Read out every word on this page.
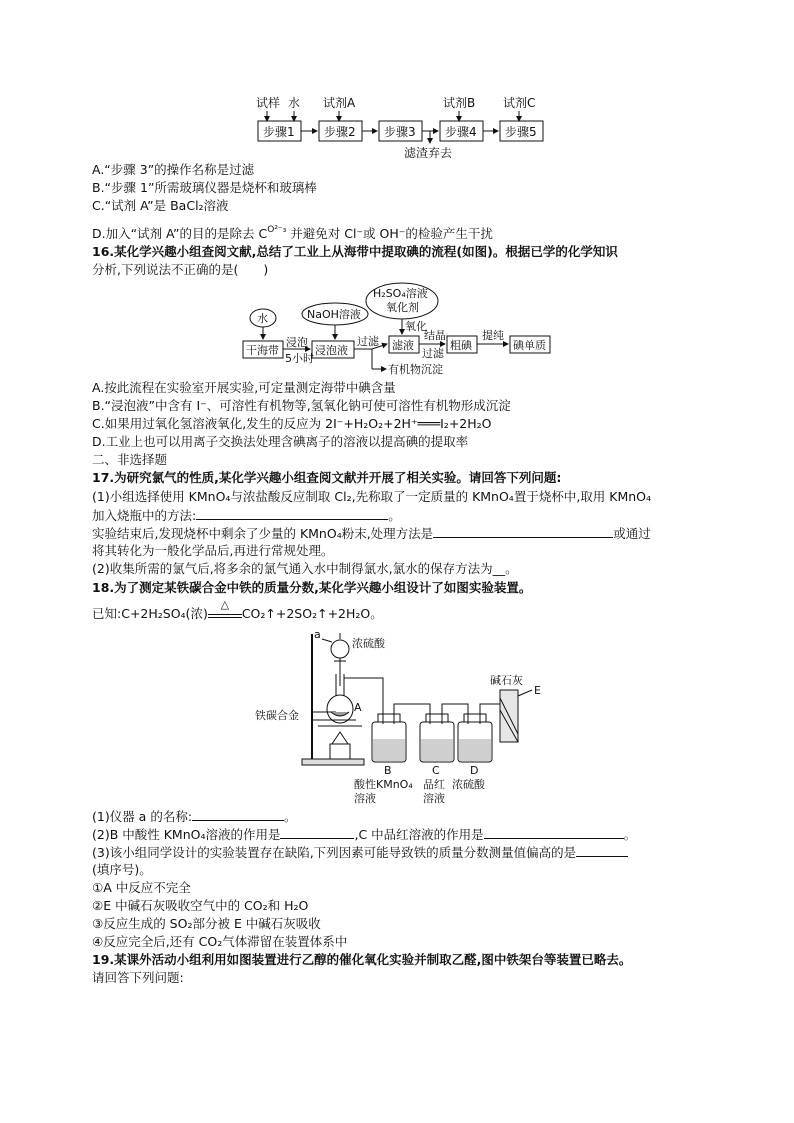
试样 水 试剂A	试剂B 试剂C
步骤1 步骤2 步骤3 步骤4 步骤5
滤渣弃去
A.“步骤 3”的操作名称是过滤
B.“步骤 1”所需玻璃仪器是烧杯和玻璃棒
C.“试剂 A”是 BaCl₂溶液
D.加入“试剂 A”的目的是除去 $C^{O^{2-}_3}$ 并避免对 Cl⁻或 OH⁻的检验产生干扰
16.某化学兴趣小组查阅文献,总结了工业上从海带中提取碘的流程(如图)。根据已学的化学知识
分析,下列说法不正确的是(　　)
水	NaOH溶液
H₂SO₄溶液
氧化剂
氧化
干海带
浸泡
5小时
浸泡液
过滤 滤液
结晶
过滤
粗碘
提纯
碘单质
有机物沉淀
A.按此流程在实验室开展实验,可定量测定海带中碘含量
B.“浸泡液”中含有 I⁻、可溶性有机物等,氢氧化钠可使可溶性有机物形成沉淀
C.如果用过氧化氢溶液氧化,发生的反应为 2I⁻+H₂O₂+2H⁺═══I₂+2H₂O
D.工业上也可以用离子交换法处理含碘离子的溶液以提高碘的提取率
二、非选择题
17.为研究氯气的性质,某化学兴趣小组查阅文献并开展了相关实验。请回答下列问题:
(1)小组选择使用 KMnO₄与浓盐酸反应制取 Cl₂,先称取了一定质量的 KMnO₄置于烧杯中,取用 KMnO₄
加入烧瓶中的方法:	。
实验结束后,发现烧杯中剩余了少量的 KMnO₄粉末,处理方法是	或通过
将其转化为一般化学品后,再进行常规处理。
(2)收集所需的氯气后,将多余的氯气通入水中制得氯水,氯水的保存方法为__。
18.为了测定某铁碳合金中铁的质量分数,某化学兴趣小组设计了如图实验装置。
已知:C+2H₂SO₄(浓)
△
CO₂↑+2SO₂↑+2H₂O。
a
浓硫酸
铁碳合金
A
碱石灰
E
B	C	D
酸性KMnO₄
溶液
品红
溶液
浓硫酸
(1)仪器 a 的名称:	。
(2)B 中酸性 KMnO₄溶液的作用是	,C 中品红溶液的作用是	。
(3)该小组同学设计的实验装置存在缺陷,下列因素可能导致铁的质量分数测量值偏高的是
(填序号)。
①A 中反应不完全
②E 中碱石灰吸收空气中的 CO₂和 H₂O
③反应生成的 SO₂部分被 E 中碱石灰吸收
④反应完全后,还有 CO₂气体滞留在装置体系中
19.某课外活动小组利用如图装置进行乙醇的催化氧化实验并制取乙醛,图中铁架台等装置已略去。
请回答下列问题:
